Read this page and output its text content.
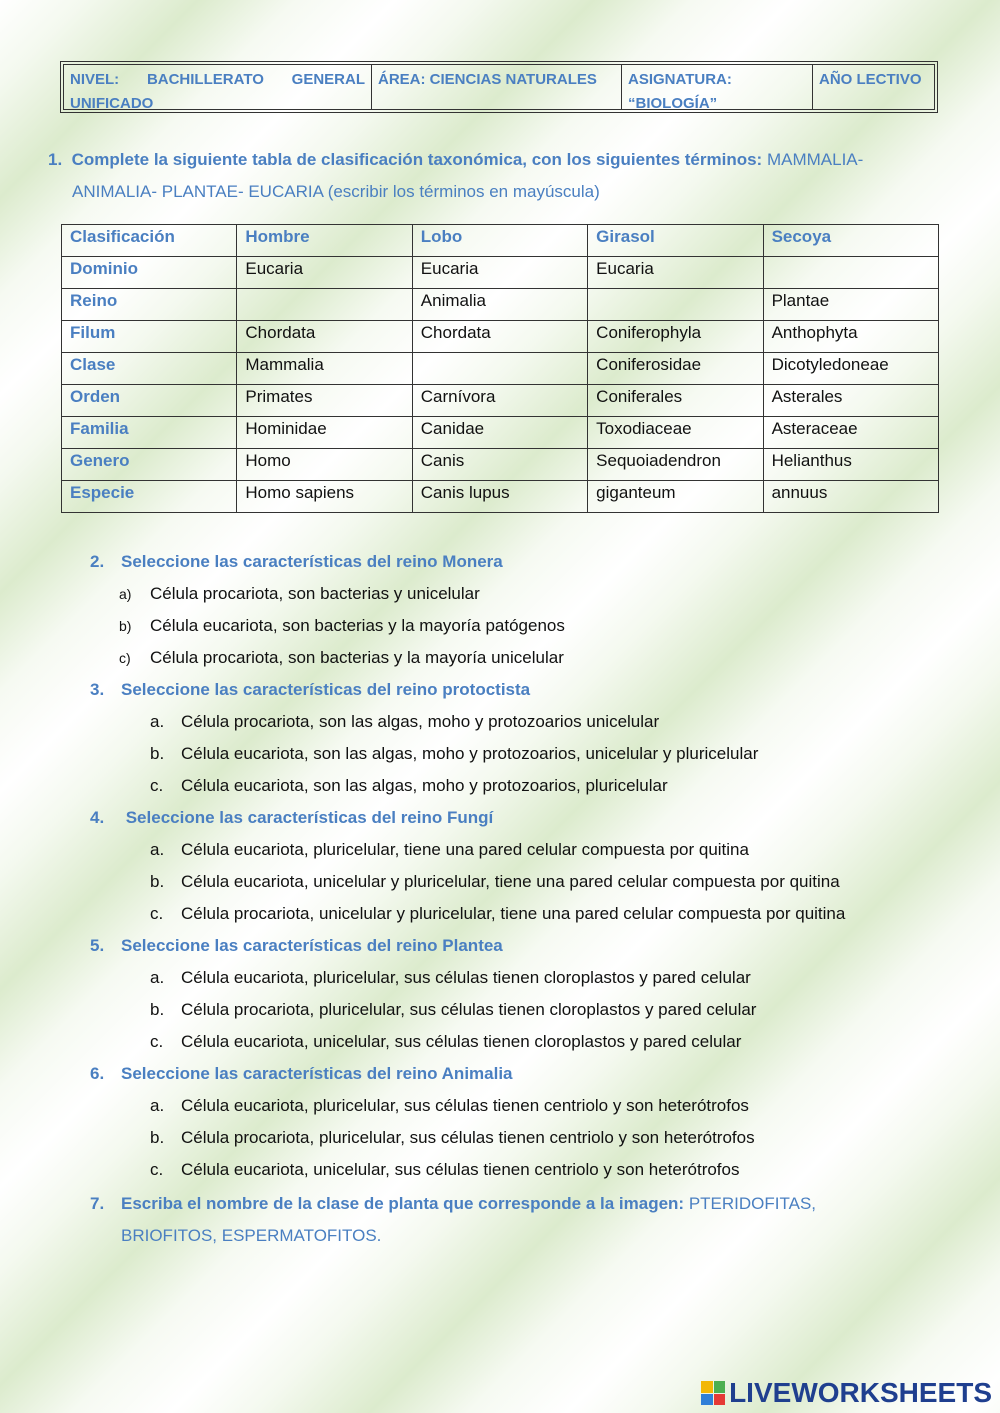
NIVEL: BACHILLERATO GENERAL
UNIFICADO
ÁREA: CIENCIAS NATURALES	ASIGNATURA:
“BIOLOGÍA”
AÑO LECTIVO
1. Complete la siguiente tabla de clasificación taxonómica, con los siguientes términos: MAMMALIA-
ANIMALIA- PLANTAE- EUCARIA (escribir los términos en mayúscula)
Clasificación	Hombre	Lobo	Girasol	Secoya
Dominio	Eucaria	Eucaria	Eucaria	
Reino		Animalia		Plantae
Filum	Chordata	Chordata	Coniferophyla	Anthophyta
Clase	Mammalia		Coniferosidae	Dicotyledoneae
Orden	Primates	Carnívora	Coniferales	Asterales
Familia	Hominidae	Canidae	Toxodiaceae	Asteraceae
Genero	Homo	Canis	Sequoiadendron	Helianthus
Especie	Homo sapiens	Canis lupus	giganteum	annuus
2. Seleccione las características del reino Monera
a) Célula procariota, son bacterias y unicelular
b) Célula eucariota, son bacterias y la mayoría patógenos
c) Célula procariota, son bacterias y la mayoría unicelular
3. Seleccione las características del reino protoctista
a. Célula procariota, son las algas, moho y protozoarios unicelular
b. Célula eucariota, son las algas, moho y protozoarios, unicelular y pluricelular
c. Célula eucariota, son las algas, moho y protozoarios, pluricelular
4. Seleccione las características del reino Fungí
a. Célula eucariota, pluricelular, tiene una pared celular compuesta por quitina
b. Célula eucariota, unicelular y pluricelular, tiene una pared celular compuesta por quitina
c. Célula procariota, unicelular y pluricelular, tiene una pared celular compuesta por quitina
5. Seleccione las características del reino Plantea
a. Célula eucariota, pluricelular, sus células tienen cloroplastos y pared celular
b. Célula procariota, pluricelular, sus células tienen cloroplastos y pared celular
c. Célula eucariota, unicelular, sus células tienen cloroplastos y pared celular
6. Seleccione las características del reino Animalia
a. Célula eucariota, pluricelular, sus células tienen centriolo y son heterótrofos
b. Célula procariota, pluricelular, sus células tienen centriolo y son heterótrofos
c. Célula eucariota, unicelular, sus células tienen centriolo y son heterótrofos
7. Escriba el nombre de la clase de planta que corresponde a la imagen: PTERIDOFITAS,
BRIOFITOS, ESPERMATOFITOS.
LIVEWORKSHEETS
